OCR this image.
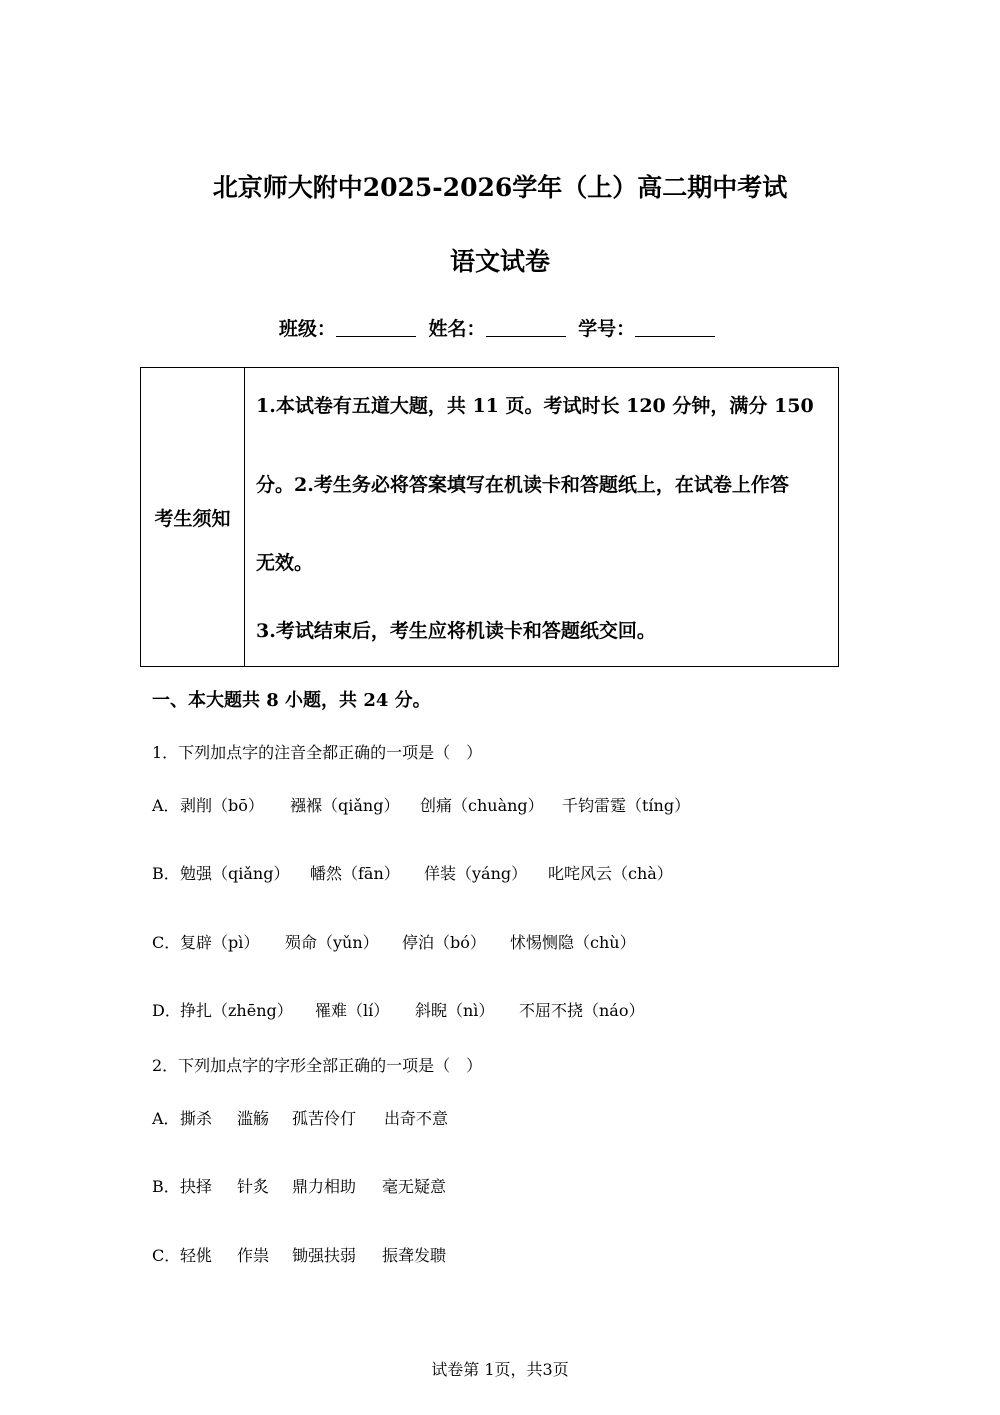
北京师大附中2025-2026学年（上）高二期中考试
语文试卷
班级：	姓名：	学号：
考生须知
1.本试卷有五道大题，共 11 页。考试时长 120 分钟，满分 150
分。2.考生务必将答案填写在机读卡和答题纸上，在试卷上作答
无效。
3.考试结束后，考生应将机读卡和答题纸交回。
一、本大题共 8 小题，共 24 分。
1．下列加点字的注音全都正确的一项是（　）
A． 剥削（bō） 襁褓（qiǎng） 创痛（chuàng） 千钧雷霆（tíng）
B． 勉强（qiǎng） 幡然（fān） 佯装（yáng） 叱咤风云（chà）
C． 复辟（pì） 殒命（yǔn） 停泊（bó） 怵惕恻隐（chù）
D． 挣扎（zhēng） 罹难（lí） 斜睨（nì） 不屈不挠（náo）
2．下列加点字的字形全部正确的一项是（　）
A． 撕杀 滥觞 孤苦伶仃 出奇不意
B． 抉择 针炙 鼎力相助 毫无疑意
C． 轻佻 作祟 锄强扶弱 振聋发聩
试卷第 1页，共3页
